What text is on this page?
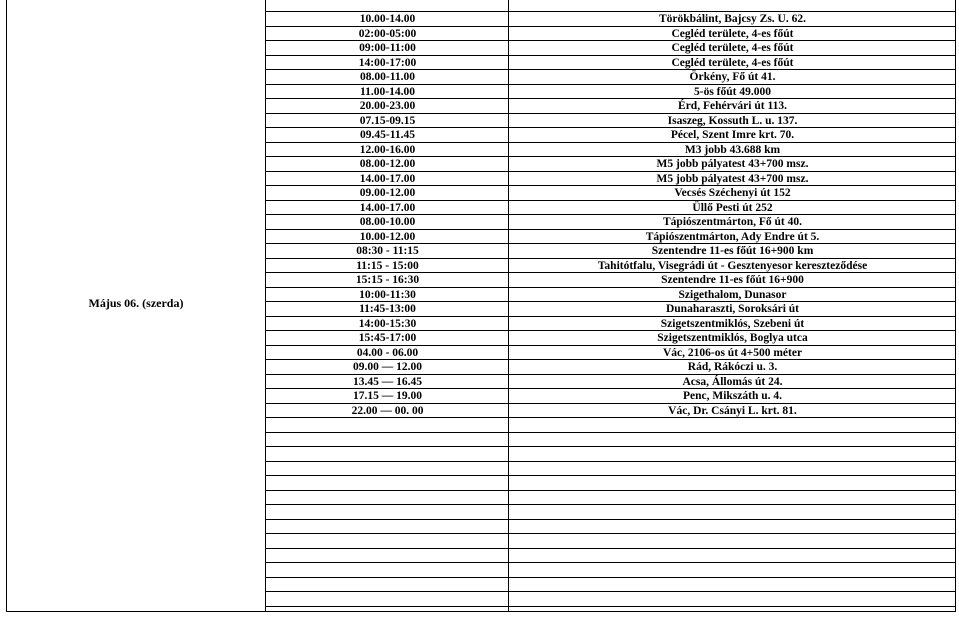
Május 06. (szerda)
10.00-14.00	Törökbálint, Bajcsy Zs. U. 62.
02:00-05:00	Cegléd területe, 4-es főút
09:00-11:00	Cegléd területe, 4-es főút
14:00-17:00	Cegléd területe, 4-es főút
08.00-11.00	Örkény, Fő út 41.
11.00-14.00	5-ös főút 49.000
20.00-23.00	Érd, Fehérvári út 113.
07.15-09.15	Isaszeg, Kossuth L. u. 137.
09.45-11.45	Pécel, Szent Imre krt. 70.
12.00-16.00	M3 jobb 43.688 km
08.00-12.00	M5 jobb pályatest 43+700 msz.
14.00-17.00	M5 jobb pályatest 43+700 msz.
09.00-12.00	Vecsés Széchenyi út 152
14.00-17.00	Üllő Pesti út 252
08.00-10.00	Tápiószentmárton, Fő út 40.
10.00-12.00	Tápiószentmárton, Ady Endre út 5.
08:30 - 11:15	Szentendre 11-es főút 16+900 km
11:15 - 15:00	Tahitótfalu, Visegrádi út - Gesztenyesor kereszteződése
15:15 - 16:30	Szentendre 11-es főút 16+900
10:00-11:30	Szigethalom, Dunasor
11:45-13:00	Dunaharaszti, Soroksári út
14:00-15:30	Szigetszentmiklós, Szebeni út
15:45-17:00	Szigetszentmiklós, Boglya utca
04.00 - 06.00	Vác, 2106-os út 4+500 méter
09.00 — 12.00	Rád, Rákóczi u. 3.
13.45 — 16.45	Acsa, Állomás út 24.
17.15 — 19.00	Penc, Mikszáth u. 4.
22.00 — 00. 00	Vác, Dr. Csányi L. krt. 81.
